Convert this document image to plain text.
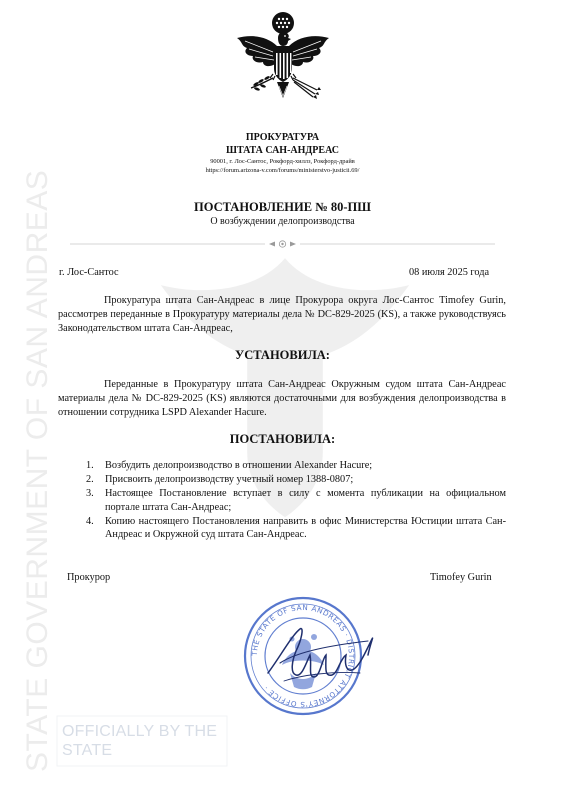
STATE GOVERNMENT OF SAN ANDREAS
ПРОКУРАТУРА
ШТАТА САН-АНДРЕАС
90001, г. Лос-Сантос, Рокфорд-хиллз, Рокфорд-драйв
https://forum.arizona-v.com/forums/ministerstvo-justicii.69/
ПОСТАНОВЛЕНИЕ № 80-ПШ
О возбуждении делопроизводства
г. Лос-Сантос	08 июля 2025 года
Прокуратура штата Сан-Андреас в лице Прокурора округа Лос-Сантос Timofey Gurin, рассмотрев переданные в Прокуратуру материалы дела № DC-829-2025 (KS), а также руководствуясь Законодательством штата Сан-Андреас,
УСТАНОВИЛА:
Переданные в Прокуратуру штата Сан-Андреас Окружным судом штата Сан-Андреас материалы дела № DC-829-2025 (KS) являются достаточными для возбуждения делопроизводства в отношении сотрудника LSPD Alexander Hacure.
ПОСТАНОВИЛА:
1. Возбудить делопроизводство в отношении Alexander Hacure;
2. Присвоить делопроизводству учетный номер 1388-0807;
3. Настоящее Постановление вступает в силу с момента публикации на официальном портале штата Сан-Андреас;
4. Копию настоящего Постановления направить в офис Министерства Юстиции штата Сан-Андреас и Окружной суд штата Сан-Андреас.
Прокурор	Timofey Gurin
THE STATE OF SAN ANDREAS · DISTRICT ATTORNEY'S OFFICE ·
OFFICIALLY BY THE STATE
